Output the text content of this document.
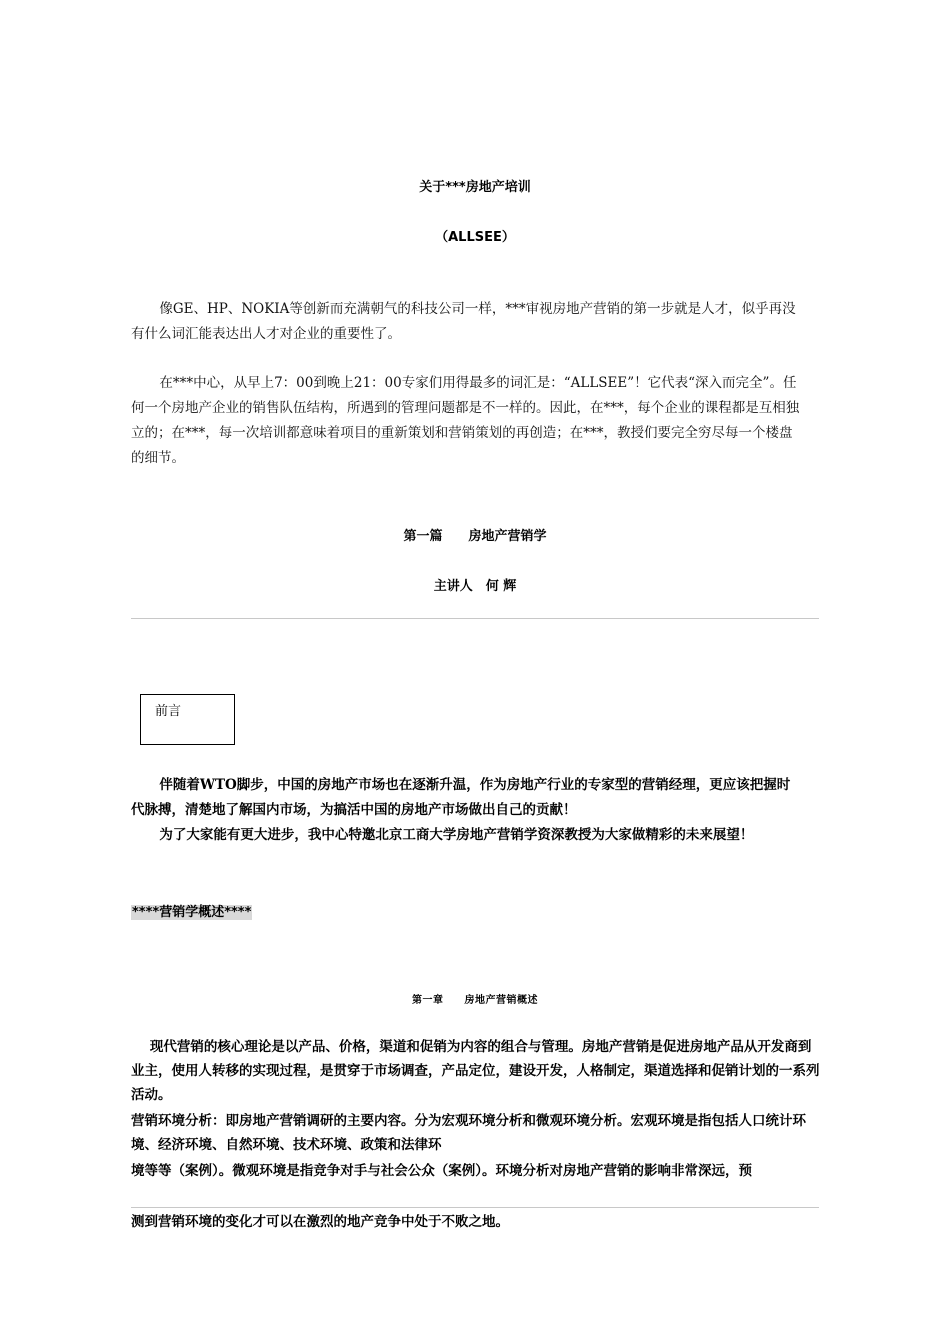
关于***房地产培训
（ALLSEE）
像GE、HP、NOKIA等创新而充满朝气的科技公司一样，***审视房地产营销的第一步就是人才，似乎再没有什么词汇能表达出人才对企业的重要性了。
在***中心，从早上7：00到晚上21：00专家们用得最多的词汇是：“ALLSEE”！它代表“深入而完全”。任何一个房地产企业的销售队伍结构，所遇到的管理问题都是不一样的。因此，在***，每个企业的课程都是互相独立的；在***，每一次培训都意味着项目的重新策划和营销策划的再创造；在***，教授们要完全穷尽每一个楼盘的细节。
第一篇　　房地产营销学
主讲人　何 辉
前言
伴随着WTO脚步，中国的房地产市场也在逐渐升温，作为房地产行业的专家型的营销经理，更应该把握时代脉搏，清楚地了解国内市场，为搞活中国的房地产市场做出自己的贡献！
为了大家能有更大进步，我中心特邀北京工商大学房地产营销学资深教授为大家做精彩的未来展望！
****营销学概述****
第一章　　房地产营销概述
现代营销的核心理论是以产品、价格，渠道和促销为内容的组合与管理。房地产营销是促进房地产品从开发商到业主，使用人转移的实现过程，是贯穿于市场调查，产品定位，建设开发，人格制定，渠道选择和促销计划的一系列活动。
营销环境分析：即房地产营销调研的主要内容。分为宏观环境分析和微观环境分析。宏观环境是指包括人口统计环境、经济环境、自然环境、技术环境、政策和法律环
境等等（案例）。微观环境是指竞争对手与社会公众（案例）。环境分析对房地产营销的影响非常深远，预
测到营销环境的变化才可以在激烈的地产竞争中处于不败之地。
